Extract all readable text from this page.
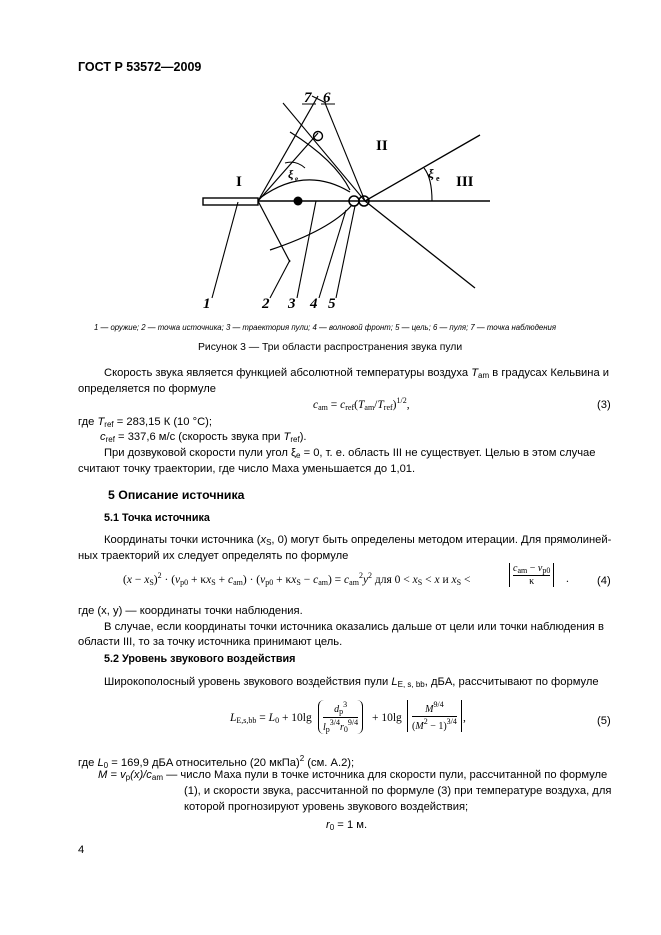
ГОСТ Р 53572—2009
I
II
III
ξ e
ξ e
1	2 3 4 5
6
7
1 — оружие; 2 — точка источника; 3 — траектория пули; 4 — волновой фронт; 5 — цель; 6 — пуля; 7 — точка наблюдения
Рисунок 3 — Три области распространения звука пули
Скорость звука является функцией абсолютной температуры воздуха $T_{am}$ в градусах Кельвина и
определяется по формуле
$c_{am} = c_{ref}(T_{am}/T_{ref})^{1/2}$,	(3)
где $T_{ref} = 283,15$ К (10 °C);
$c_{ref} = 337,6$ м/с (скорость звука при $T_{ref}$).
При дозвуковой скорости пули угол $\xi_e = 0$, т. е. область III не существует. Целью в этом случае
считают точку траектории, где число Маха уменьшается до 1,01.
5 Описание источника
5.1 Точка источника
Координаты точки источника ($x_S$, 0) могут быть определены методом итерации. Для прямолиней-
ных траекторий их следует определять по формуле
$(x - x_S)^2 \cdot (v_{p0} + \kappa x_S + c_{am}) \cdot (v_{p0} + \kappa x_S - c_{am}) = c_{am}^2y^2$ для $0 < x_S < x$ и $x_S$ <
$c_{am} - v_{p0}$
κ	.	(4)
где (x, y) — координаты точки наблюдения.
В случае, если координаты точки источника оказались дальше от цели или точки наблюдения в
области III, то за точку источника принимают цель.
5.2 Уровень звукового воздействия
Широкополосный уровень звукового воздействия пули $L_{E, s, bb}$, дБA, рассчитывают по формуле
$L_{E,s,bb} = L_0 + 10\lg$
$d_p^3$
$l_p^{3/4}r_0^{9/4} + 10\lg$
$M^{9/4}$
$(M^2 - 1)^{3/4}$ ,	(5)
где $L_0 = 169,9$ дБA относительно (20 мкПа)$^2$ (см. А.2);
$M = v_p(x)/c_{am}$ — число Маха пули в точке источника для скорости пули, рассчитанной по формуле
(1), и скорости звука, рассчитанной по формуле (3) при температуре воздуха, для
которой прогнозируют уровень звукового воздействия;
$r_0 = 1$ м.
4
